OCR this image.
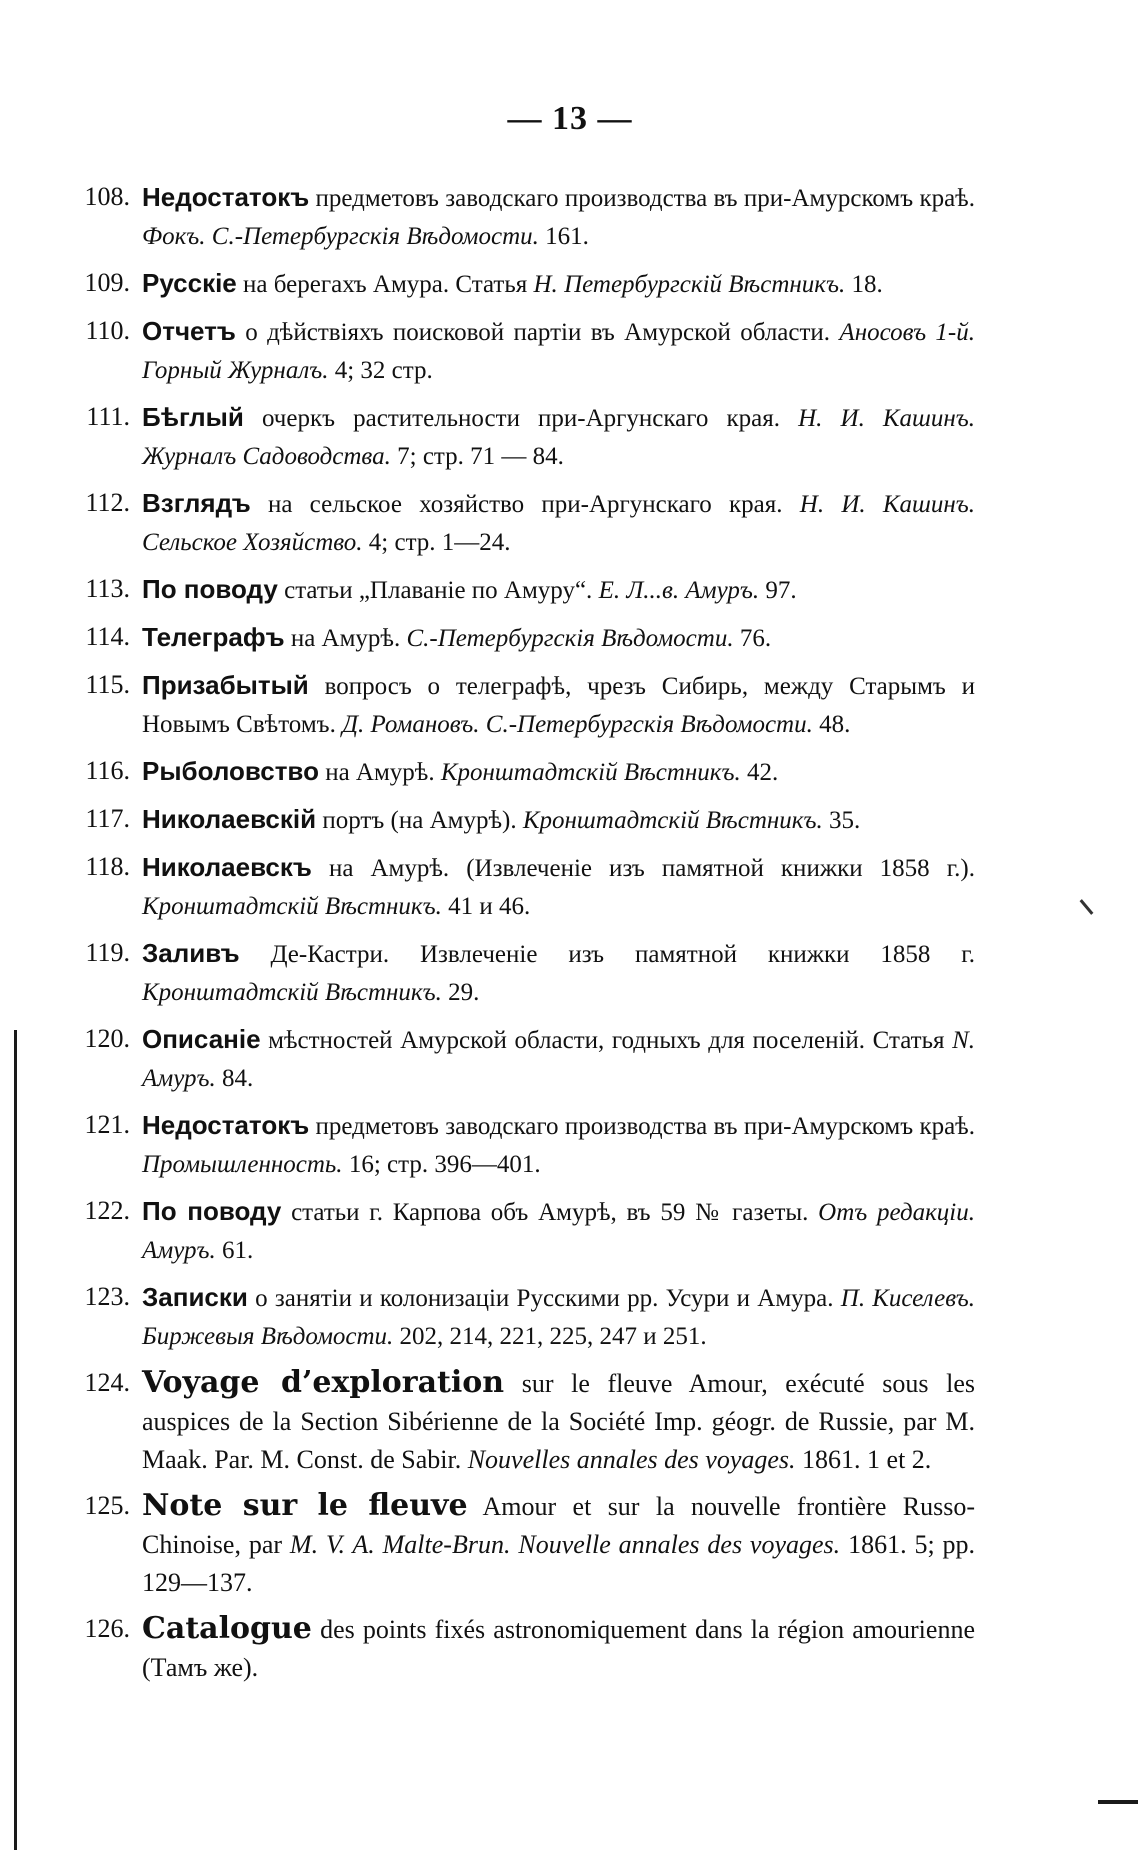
— 13 —
108. Недостатокъ предметовъ заводскаго производства въ при-Амурскомъ краѣ. Фокъ. С.-Петербургскія Вѣдомости. 161.
109. Русскіе на берегахъ Амура. Статья Н. Петербургскій Вѣстникъ. 18.
110. Отчетъ о дѣйствіяхъ поисковой партіи въ Амурской области. Аносовъ 1-й. Горный Журналъ. 4; 32 стр.
111. Бѣглый очеркъ растительности при-Аргунскаго края. Н. И. Кашинъ. Журналъ Садоводства. 7; стр. 71 — 84.
112. Взглядъ на сельское хозяйство при-Аргунскаго края. Н. И. Кашинъ. Сельское Хозяйство. 4; стр. 1—24.
113. По поводу статьи „Плаваніе по Амуру“. Е. Л...в. Амуръ. 97.
114. Телеграфъ на Амурѣ. С.-Петербургскія Вѣдомости. 76.
115. Призабытый вопросъ о телеграфѣ, чрезъ Сибирь, между Старымъ и Новымъ Свѣтомъ. Д. Романовъ. С.-Петербургскія Вѣдомости. 48.
116. Рыболовство на Амурѣ. Кронштадтскій Вѣстникъ. 42.
117. Николаевскій портъ (на Амурѣ). Кронштадтскій Вѣстникъ. 35.
118. Николаевскъ на Амурѣ. (Извлеченіе изъ памятной книжки 1858 г.). Кронштадтскій Вѣстникъ. 41 и 46.
119. Заливъ Де-Кастри. Извлеченіе изъ памятной книжки 1858 г. Кронштадтскій Вѣстникъ. 29.
120. Описаніе мѣстностей Амурской области, годныхъ для поселеній. Статья N. Амуръ. 84.
121. Недостатокъ предметовъ заводскаго производства въ при-Амурскомъ краѣ. Промышленность. 16; стр. 396—401.
122. По поводу статьи г. Карпова объ Амурѣ, въ 59 № газеты. Отъ редакціи. Амуръ. 61.
123. Записки о занятіи и колонизаціи Русскими рр. Усури и Амура. П. Киселевъ. Биржевыя Вѣдомости. 202, 214, 221, 225, 247 и 251.
124. Voyage d’exploration sur le fleuve Amour, exécuté sous les auspices de la Section Sibérienne de la Société Imp. géogr. de Russie, par M. Maak. Par. M. Const. de Sabir. Nouvelles annales des voyages. 1861. 1 et 2.
125. Note sur le fleuve Amour et sur la nouvelle frontière Russo-Chinoise, par M. V. A. Malte-Brun. Nouvelle annales des voyages. 1861. 5; pp. 129—137.
126. Catalogue des points fixés astronomiquement dans la région amourienne (Тамъ же).
